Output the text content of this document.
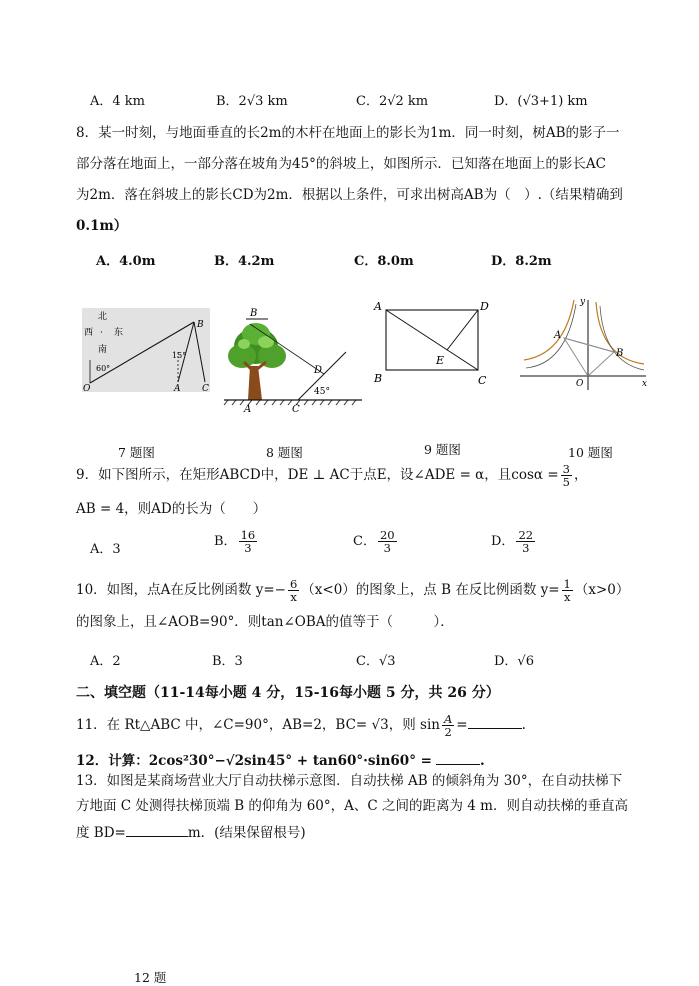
A．4 km	B．2√3 km	C．2√2 km	D．(√3+1) km
8．某一时刻，与地面垂直的长2m的木杆在地面上的影长为1m．同一时刻，树AB的影子一
部分落在地面上，一部分落在坡角为45°的斜坡上，如图所示．已知落在地面上的影长AC
为2m．落在斜坡上的影长CD为2m．根据以上条件，可求出树高AB为（　）.（结果精确到
0.1m）
A．4.0m	B．4.2m	C．8.0m	D．8.2m
北
西 · 东
南
60°
15°
O	A
B
C
B
D
45°
A	C
A	D
B	C
E
y
x
A
B
O
7 题图	8 题图	9 题图	10 题图
9．如下图所示，在矩形ABCD中，DE ⊥ AC于点E，设∠ADE = α，且$\cos\alpha = \frac{3}{5}$ ，
AB = 4，则AD的长为（　　）
A．3
B． $\frac{16}{3}$	C． $\frac{20}{3}$	D． $\frac{22}{3}$
10．如图，点A在反比例函数 $y=- \frac{6}{x} (x<0)$的图象上，点 B 在反比例函数 $y= \frac{1}{x} (x>0)$
的图象上，且∠AOB=90°．则tan∠OBA的值等于（　　　）．
A．2	B．3	C．√3	D．√6
二、填空题（11-14每小题 4 分，15-16每小题 5 分，共 26 分）
11．在 Rt△ABC 中，∠C=90°，AB=2，BC= √3，则 $\sin \frac{A}{2}$ =	.
12．计算：2cos²30°−√2sin45° + tan60°·sin60° =	.
13．如图是某商场营业大厅自动扶梯示意图．自动扶梯 AB 的倾斜角为 30°，在自动扶梯下
方地面 C 处测得扶梯顶端 B 的仰角为 60°，A、C 之间的距离为 4 m．则自动扶梯的垂直高
度 BD=	m．(结果保留根号)
12 题
